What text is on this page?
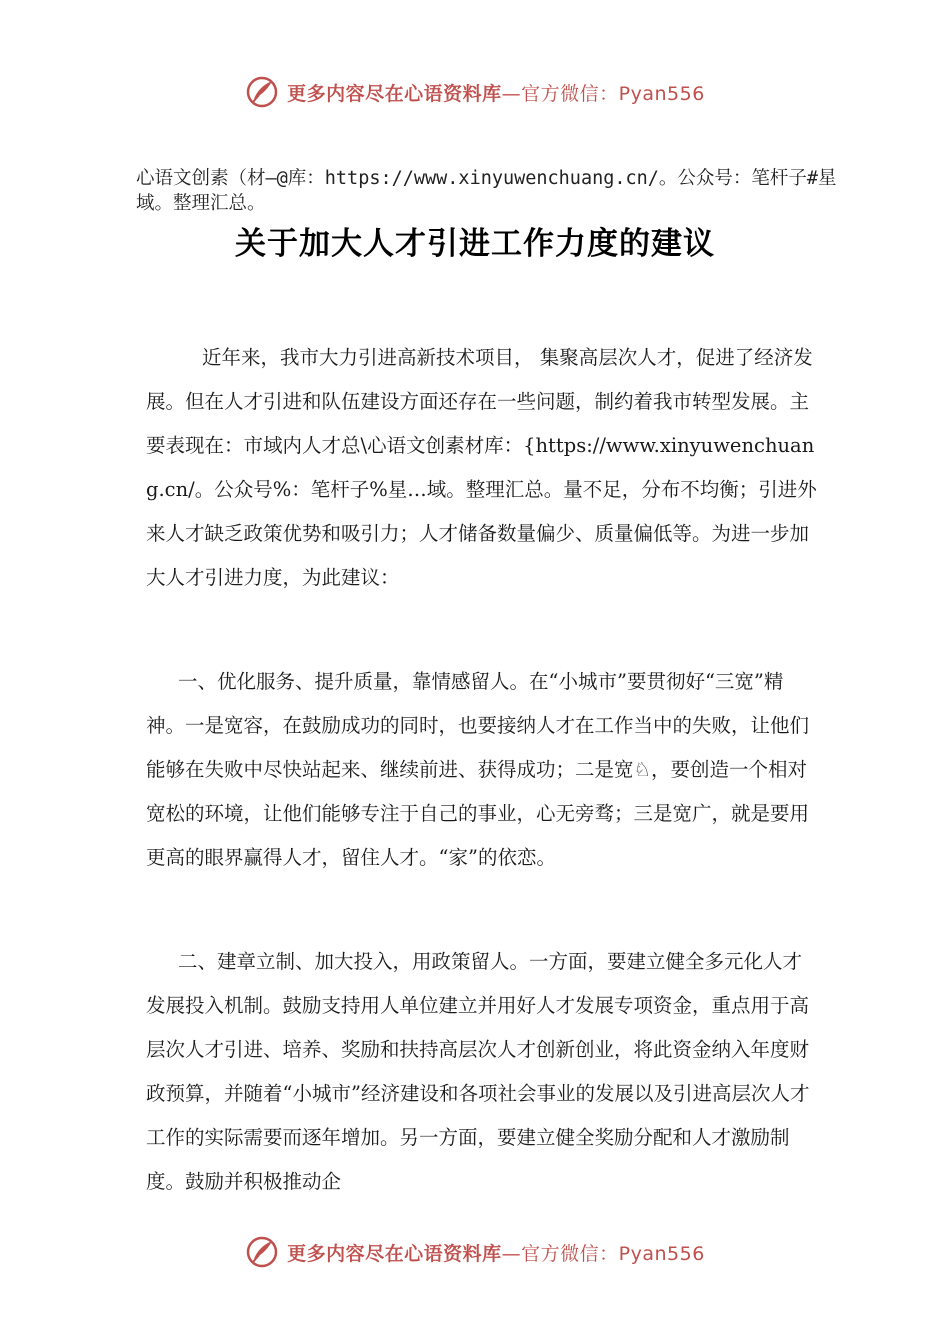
更多内容尽在心语资料库—官方微信：Pyan556
心语文创素（材—@库：https://www.xinyuwenchuang.cn/。公众号：笔杆子#星域。整理汇总。
关于加大人才引进工作力度的建议
近年来，我市大力引进高新技术项目， 集聚高层次人才，促进了经济发展。但在人才引进和队伍建设方面还存在一些问题，制约着我市转型发展。主要表现在：市域内人才总\心语文创素材库：{https://www.xinyuwenchuang.cn/。公众号%：笔杆子%星…域。整理汇总。量不足，分布不均衡；引进外来人才缺乏政策优势和吸引力；人才储备数量偏少、质量偏低等。为进一步加大人才引进力度，为此建议：
一、优化服务、提升质量，靠情感留人。在“小城市”要贯彻好“三宽”精神。一是宽容，在鼓励成功的同时，也要接纳人才在工作当中的失败，让他们能够在失败中尽快站起来、继续前进、获得成功；二是宽♘，要创造一个相对宽松的环境，让他们能够专注于自己的事业，心无旁骛；三是宽广，就是要用更高的眼界赢得人才，留住人才。“家”的依恋。
二、建章立制、加大投入，用政策留人。一方面，要建立健全多元化人才发展投入机制。鼓励支持用人单位建立并用好人才发展专项资金，重点用于高层次人才引进、培养、奖励和扶持高层次人才创新创业，将此资金纳入年度财政预算，并随着“小城市”经济建设和各项社会事业的发展以及引进高层次人才工作的实际需要而逐年增加。另一方面，要建立健全奖励分配和人才激励制度。鼓励并积极推动企
更多内容尽在心语资料库—官方微信：Pyan556
